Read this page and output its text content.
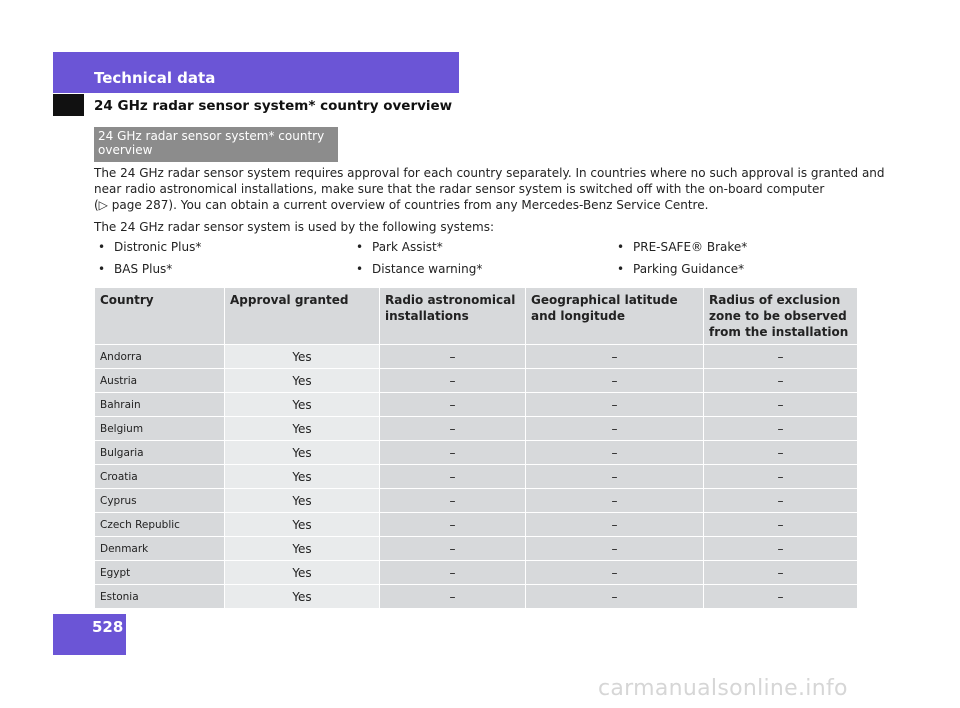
Technical data
24 GHz radar sensor system* country overview
24 GHz radar sensor system* country overview
The 24 GHz radar sensor system requires approval for each country separately. In countries where no such approval is granted and
near radio astronomical installations, make sure that the radar sensor system is switched off with the on-board computer
(▷ page 287). You can obtain a current overview of countries from any Mercedes-Benz Service Centre.
The 24 GHz radar sensor system is used by the following systems:
• Distronic Plus*	• Park Assist*	• PRE-SAFE® Brake*
• BAS Plus*	• Distance warning*	• Parking Guidance*
Country	Approval granted	Radio astronomical installations	Geographical latitude and longitude	Radius of exclusion zone to be observed from the installation
Andorra	Yes	–	–	–
Austria	Yes	–	–	–
Bahrain	Yes	–	–	–
Belgium	Yes	–	–	–
Bulgaria	Yes	–	–	–
Croatia	Yes	–	–	–
Cyprus	Yes	–	–	–
Czech Republic	Yes	–	–	–
Denmark	Yes	–	–	–
Egypt	Yes	–	–	–
Estonia	Yes	–	–	–
528
carmanualsonline.info
